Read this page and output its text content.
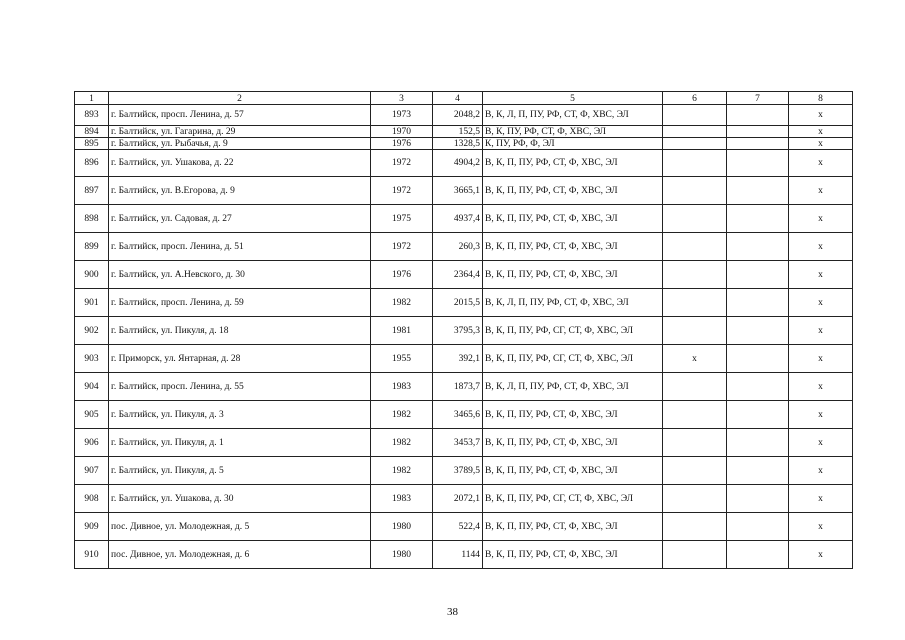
1	2	3	4	5	6	7	8
893	г. Балтийск, просп. Ленина, д. 57	1973	2048,2	В, К, Л, П, ПУ, РФ, СТ, Ф, ХВС, ЭЛ			x
894	г. Балтийск, ул. Гагарина, д. 29	1970	152,5	В, К, ПУ, РФ, СТ, Ф, ХВС, ЭЛ			x
895	г. Балтийск, ул. Рыбачья, д. 9	1976	1328,5	К, ПУ, РФ, Ф, ЭЛ			x
896	г. Балтийск, ул. Ушакова, д. 22	1972	4904,2	В, К, П, ПУ, РФ, СТ, Ф, ХВС, ЭЛ			x
897	г. Балтийск, ул. В.Егорова, д. 9	1972	3665,1	В, К, П, ПУ, РФ, СТ, Ф, ХВС, ЭЛ			x
898	г. Балтийск, ул. Садовая, д. 27	1975	4937,4	В, К, П, ПУ, РФ, СТ, Ф, ХВС, ЭЛ			x
899	г. Балтийск, просп. Ленина, д. 51	1972	260,3	В, К, П, ПУ, РФ, СТ, Ф, ХВС, ЭЛ			x
900	г. Балтийск, ул. А.Невского, д. 30	1976	2364,4	В, К, П, ПУ, РФ, СТ, Ф, ХВС, ЭЛ			x
901	г. Балтийск, просп. Ленина, д. 59	1982	2015,5	В, К, Л, П, ПУ, РФ, СТ, Ф, ХВС, ЭЛ			x
902	г. Балтийск, ул. Пикуля, д. 18	1981	3795,3	В, К, П, ПУ, РФ, СГ, СТ, Ф, ХВС, ЭЛ			x
903	г. Приморск, ул. Янтарная, д. 28	1955	392,1	В, К, П, ПУ, РФ, СГ, СТ, Ф, ХВС, ЭЛ	x		x
904	г. Балтийск, просп. Ленина, д. 55	1983	1873,7	В, К, Л, П, ПУ, РФ, СТ, Ф, ХВС, ЭЛ			x
905	г. Балтийск, ул. Пикуля, д. 3	1982	3465,6	В, К, П, ПУ, РФ, СТ, Ф, ХВС, ЭЛ			x
906	г. Балтийск, ул. Пикуля, д. 1	1982	3453,7	В, К, П, ПУ, РФ, СТ, Ф, ХВС, ЭЛ			x
907	г. Балтийск, ул. Пикуля, д. 5	1982	3789,5	В, К, П, ПУ, РФ, СТ, Ф, ХВС, ЭЛ			x
908	г. Балтийск, ул. Ушакова, д. 30	1983	2072,1	В, К, П, ПУ, РФ, СГ, СТ, Ф, ХВС, ЭЛ			x
909	пос. Дивное, ул. Молодежная, д. 5	1980	522,4	В, К, П, ПУ, РФ, СТ, Ф, ХВС, ЭЛ			x
910	пос. Дивное, ул. Молодежная, д. 6	1980	1144	В, К, П, ПУ, РФ, СТ, Ф, ХВС, ЭЛ			x
38
